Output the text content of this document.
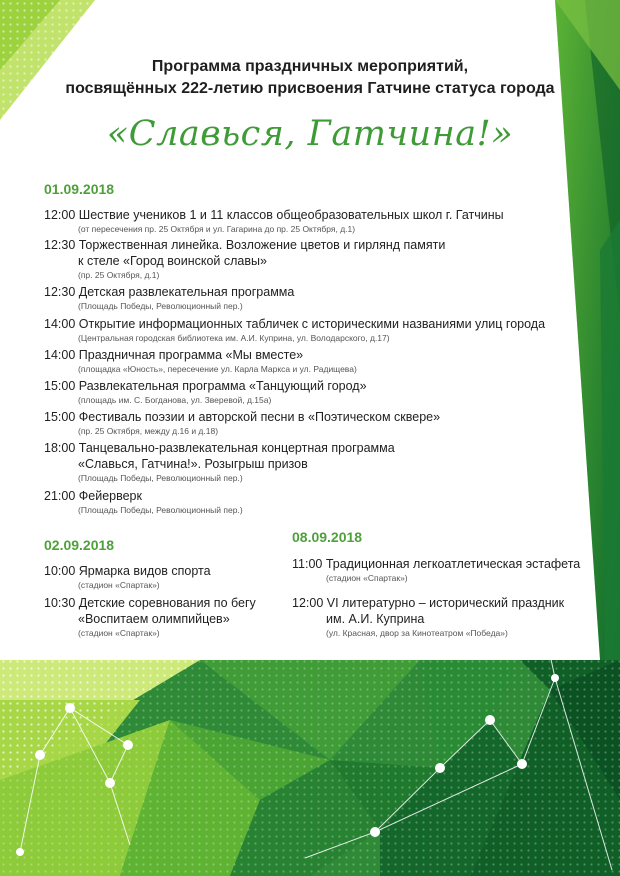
Программа праздничных мероприятий,
посвящённых 222-летию присвоения Гатчине статуса города
«Славься, Гатчина!»
01.09.2018
12:00 Шествие учеников 1 и 11 классов общеобразовательных школ г. Гатчины
(от пересечения пр. 25 Октября и ул. Гагарина до пр. 25 Октября, д.1)
12:30 Торжественная линейка. Возложение цветов и гирлянд памяти
к стеле «Город воинской славы»
(пр. 25 Октября, д.1)
12:30 Детская развлекательная программа
(Площадь Победы, Революционный пер.)
14:00 Открытие информационных табличек с историческими названиями улиц города
(Центральная городская библиотека им. А.И. Куприна, ул. Володарского, д.17)
14:00 Праздничная программа «Мы вместе»
(площадка «Юность», пересечение ул. Карла Маркса и ул. Радищева)
15:00 Развлекательная программа «Танцующий город»
(площадь им. С. Богданова, ул. Зверевой, д.15а)
15:00 Фестиваль поэзии и авторской песни в «Поэтическом сквере»
(пр. 25 Октября, между д.16 и д.18)
18:00 Танцевально-развлекательная концертная программа
«Славься, Гатчина!». Розыгрыш призов
(Площадь Победы, Революционный пер.)
21:00 Фейерверк
(Площадь Победы, Революционный пер.)
02.09.2018
10:00 Ярмарка видов спорта
(стадион «Спартак»)
10:30 Детские соревнования по бегу
«Воспитаем олимпийцев»
(стадион «Спартак»)
08.09.2018
11:00 Традиционная легкоатлетическая эстафета
(стадион «Спартак»)
12:00 VI литературно – исторический праздник
им. А.И. Куприна
(ул. Красная, двор за Кинотеатром «Победа»)
